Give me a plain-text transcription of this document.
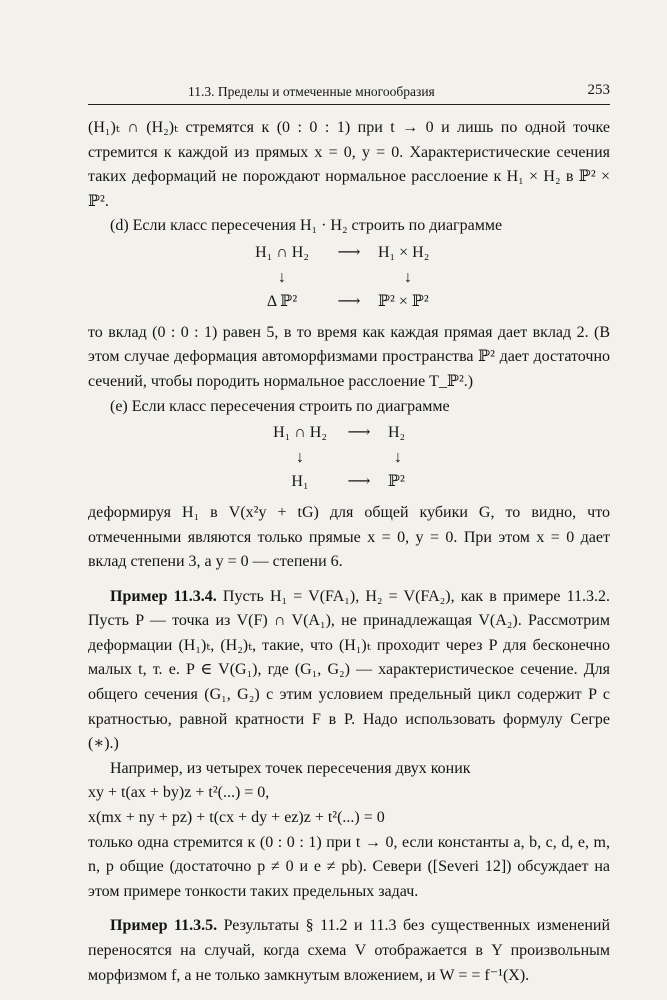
11.3. Пределы и отмеченные многообразия	253

(H₁)ₜ ∩ (H₂)ₜ стремятся к (0 : 0 : 1) при t → 0 и лишь по одной точке стремится к каждой из прямых x = 0, y = 0. Характеристические сечения таких деформаций не порождают нормальное расслоение к H₁ × H₂ в ℙ² × ℙ².

(d) Если класс пересечения H₁ · H₂ строить по диаграмме

H₁ ∩ H₂	⟶ H₁ × H₂
↓	↓
Δ ℙ²	⟶ ℙ² × ℙ²

то вклад (0 : 0 : 1) равен 5, в то время как каждая прямая дает вклад 2. (В этом случае деформация автоморфизмами пространства ℙ² дает достаточно сечений, чтобы породить нормальное расслоение T_ℙ².)

(e) Если класс пересечения строить по диаграмме

H₁ ∩ H₂ ⟶ H₂
↓	↓
H₁	⟶ ℙ²

деформируя H₁ в V(x²y + tG) для общей кубики G, то видно, что отмеченными являются только прямые x = 0, y = 0. При этом x = 0 дает вклад степени 3, а y = 0 — степени 6.

Пример 11.3.4. Пусть H₁ = V(FA₁), H₂ = V(FA₂), как в примере 11.3.2. Пусть P — точка из V(F) ∩ V(A₁), не принадлежащая V(A₂). Рассмотрим деформации (H₁)ₜ, (H₂)ₜ, такие, что (H₁)ₜ проходит через P для бесконечно малых t, т. е. P ∈ V(G₁), где (G₁, G₂) — характеристическое сечение. Для общего сечения (G₁, G₂) с этим условием предельный цикл содержит P с кратностью, равной кратности F в P. Надо использовать формулу Сегре (∗).)

Например, из четырех точек пересечения двух коник

xy + t(ax + by)z + t²(...) = 0,

x(mx + ny + pz) + t(cx + dy + ez)z + t²(...) = 0

только одна стремится к (0 : 0 : 1) при t → 0, если константы a, b, c, d, e, m, n, p общие (достаточно p ≠ 0 и e ≠ pb). Севери ([Severi 12]) обсуждает на этом примере тонкости таких предельных задач.

Пример 11.3.5. Результаты § 11.2 и 11.3 без существенных изменений переносятся на случай, когда схема V отображается в Y произвольным морфизмом f, а не только замкнутым вложением, и W = = f⁻¹(X).
